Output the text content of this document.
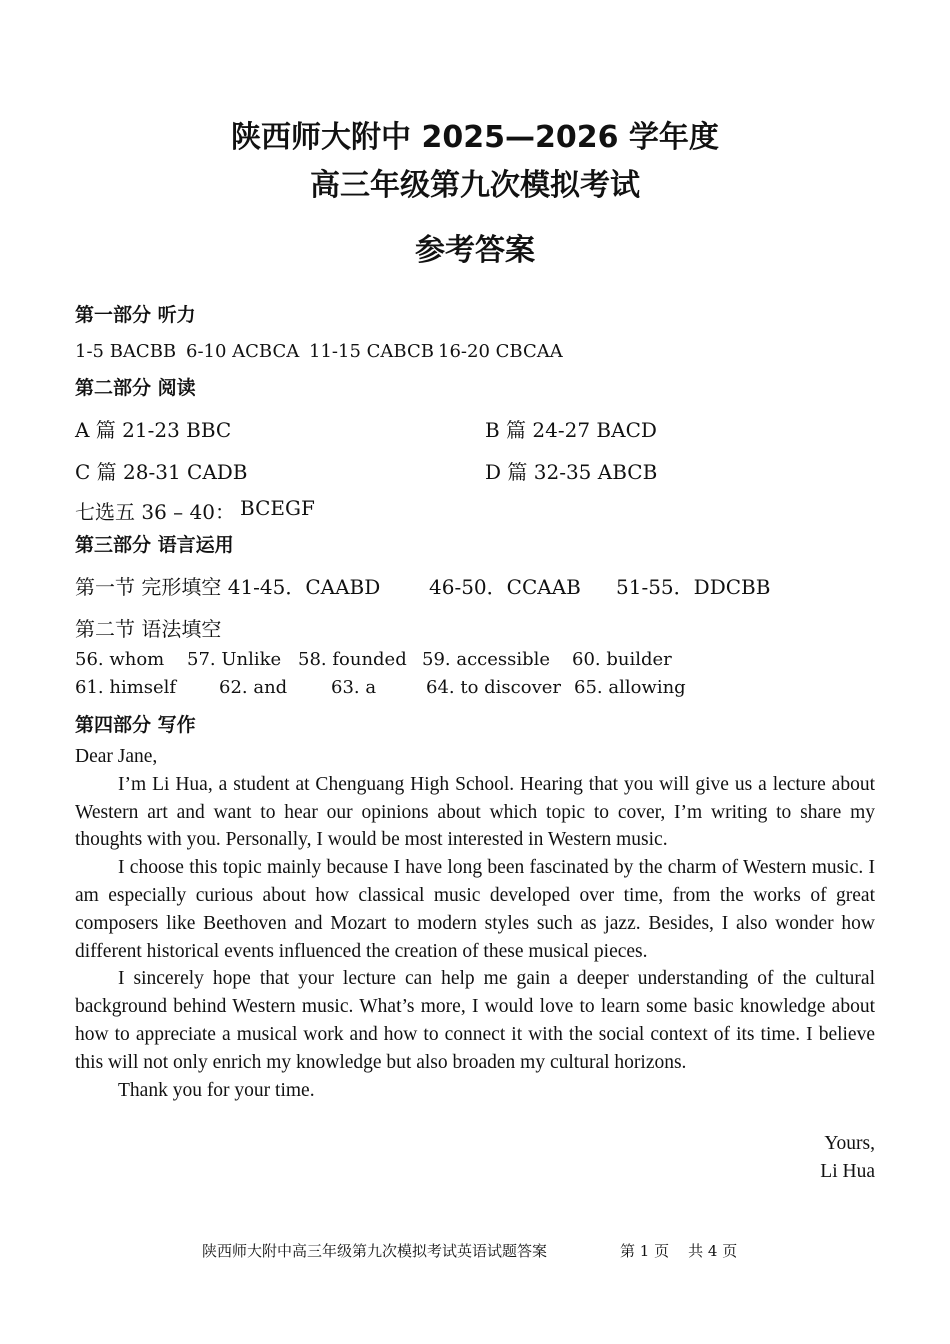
陕西师大附中 2025—2026 学年度
高三年级第九次模拟考试
参考答案
第一部分 听力
1-5 BACBB 6-10 ACBCA 11-15 CABCB 16-20 CBCAA
第二部分 阅读
A 篇 21-23 BBC	B 篇 24-27 BACD
C 篇 28-31 CADB	D 篇 32-35 ABCB
七选五 36 – 40： BCEGF
第三部分 语言运用
第一节 完形填空 41-45．CAABD 46-50．CCAAB 51-55．DDCBB
第二节 语法填空
56. whom 57. Unlike 58. founded 59. accessible 60. builder
61. himself 62. and 63. a	64. to discover 65. allowing
第四部分 写作

Dear Jane,

I’m Li Hua, a student at Chenguang High School. Hearing that you will give us a lecture about Western art and want to hear our opinions about which topic to cover, I’m writing to share my thoughts with you. Personally, I would be most interested in Western music.

I choose this topic mainly because I have long been fascinated by the charm of Western music. I am especially curious about how classical music developed over time, from the works of great composers like Beethoven and Mozart to modern styles such as jazz. Besides, I also wonder how different historical events influenced the creation of these musical pieces.

I sincerely hope that your lecture can help me gain a deeper understanding of the cultural background behind Western music. What’s more, I would love to learn some basic knowledge about how to appreciate a musical work and how to connect it with the social context of its time. I believe this will not only enrich my knowledge but also broaden my cultural horizons.

Thank you for your time.

Yours,
Li Hua
陕西师大附中高三年级第九次模拟考试英语试题答案	第 1 页    共 4 页
